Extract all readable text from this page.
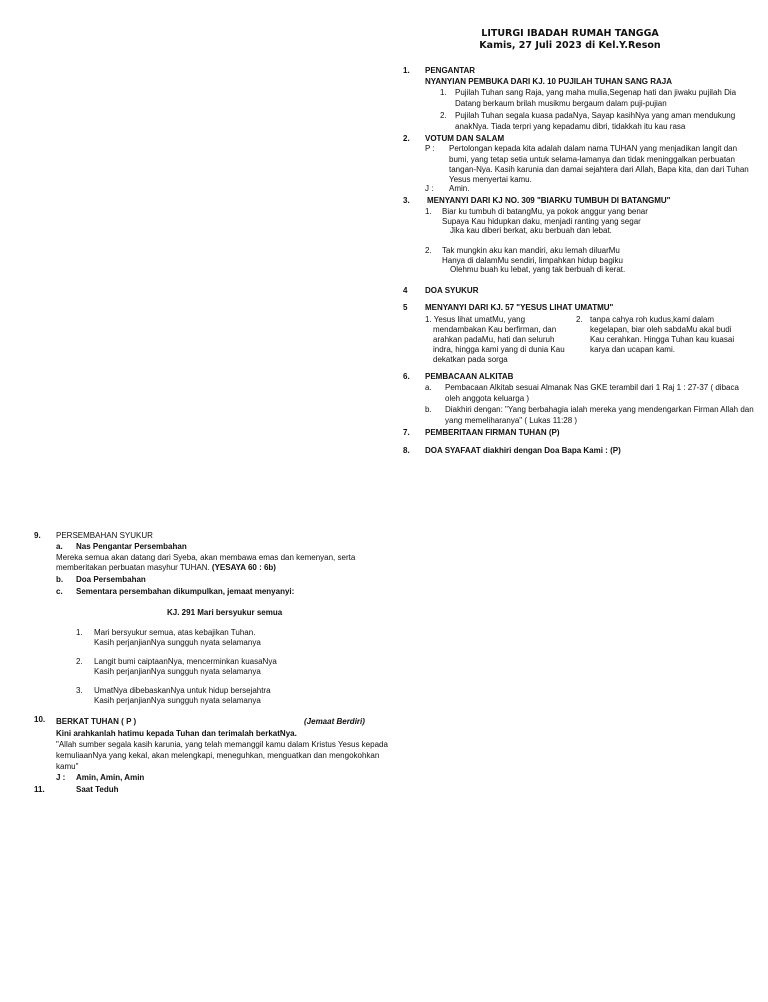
LITURGI IBADAH RUMAH TANGGA
Kamis, 27 Juli 2023 di Kel.Y.Reson
1. PENGANTAR
NYANYIAN PEMBUKA DARI KJ. 10 PUJILAH TUHAN SANG RAJA
1. Pujilah Tuhan sang Raja, yang maha mulia,Segenap hati dan jiwaku pujilah Dia
Datang berkaum brilah musikmu bergaum dalam puji-pujian
2. Pujilah Tuhan segala kuasa padaNya, Sayap kasihNya yang aman mendukung
anakNya. Tiada terpri yang kepadamu dibri, tidakkah itu kau rasa
2. VOTUM DAN SALAM
P : Pertolongan kepada kita adalah dalam nama TUHAN yang menjadikan langit dan
bumi, yang tetap setia untuk selama-lamanya dan tidak meninggalkan perbuatan
tangan-Nya. Kasih karunia dan damai sejahtera dari Allah, Bapa kita, dan dari Tuhan
Yesus menyertai kamu.
J : Amin.
3. MENYANYI DARI KJ NO. 309 "BIARKU TUMBUH DI BATANGMU"
1. Biar ku tumbuh di batangMu, ya pokok anggur yang benar
Supaya Kau hidupkan daku, menjadi ranting yang segar
Jika kau diberi berkat, aku berbuah dan lebat.
2. Tak mungkin aku kan mandiri, aku lemah diluarMu
Hanya di dalamMu sendiri, limpahkan hidup bagiku
Olehmu buah ku lebat, yang tak berbuah di kerat.
4 DOA SYUKUR
5 MENYANYI DARI KJ. 57 "YESUS LIHAT UMATMU"
1. Yesus lihat umatMu, yang
mendambakan Kau berfirman, dan
arahkan padaMu, hati dan seluruh
indra, hingga kami yang di dunia Kau
dekatkan pada sorga
2. tanpa cahya roh kudus,kami dalam
kegelapan, biar oleh sabdaMu akal budi
Kau cerahkan. Hingga Tuhan kau kuasai
karya dan ucapan kami.
6. PEMBACAAN ALKITAB
a. Pembacaan Alkitab sesuai Almanak Nas GKE terambil dari 1 Raj 1 : 27-37 ( dibaca
oleh anggota keluarga )
b. Diakhiri dengan: "Yang berbahagia ialah mereka yang mendengarkan Firman Allah dan
yang memeliharanya" ( Lukas 11:28 )
7. PEMBERITAAN FIRMAN TUHAN (P)
8. DOA SYAFAAT diakhiri dengan Doa Bapa Kami : (P)
9. PERSEMBAHAN SYUKUR
a. Nas Pengantar Persembahan
Mereka semua akan datang dari Syeba, akan membawa emas dan kemenyan, serta
memberitakan perbuatan masyhur TUHAN. (YESAYA 60 : 6b)
b. Doa Persembahan
c. Sementara persembahan dikumpulkan, jemaat menyanyi:
KJ. 291 Mari bersyukur semua
1. Mari bersyukur semua, atas kebajikan Tuhan.
Kasih perjanjianNya sungguh nyata selamanya
2. Langit bumi caiptaanNya, mencerminkan kuasaNya
Kasih perjanjianNya sungguh nyata selamanya
3. UmatNya dibebaskanNya untuk hidup bersejahtra
Kasih perjanjianNya sungguh nyata selamanya
10. BERKAT TUHAN ( P )	(Jemaat Berdiri)
Kini arahkanlah hatimu kepada Tuhan dan terimalah berkatNya.
"Allah sumber segala kasih karunia, yang telah memanggil kamu dalam Kristus Yesus kepada
kemuliaanNya yang kekal, akan melengkapi, meneguhkan, menguatkan dan mengokohkan
kamu"
J : Amin, Amin, Amin
11.	Saat Teduh
